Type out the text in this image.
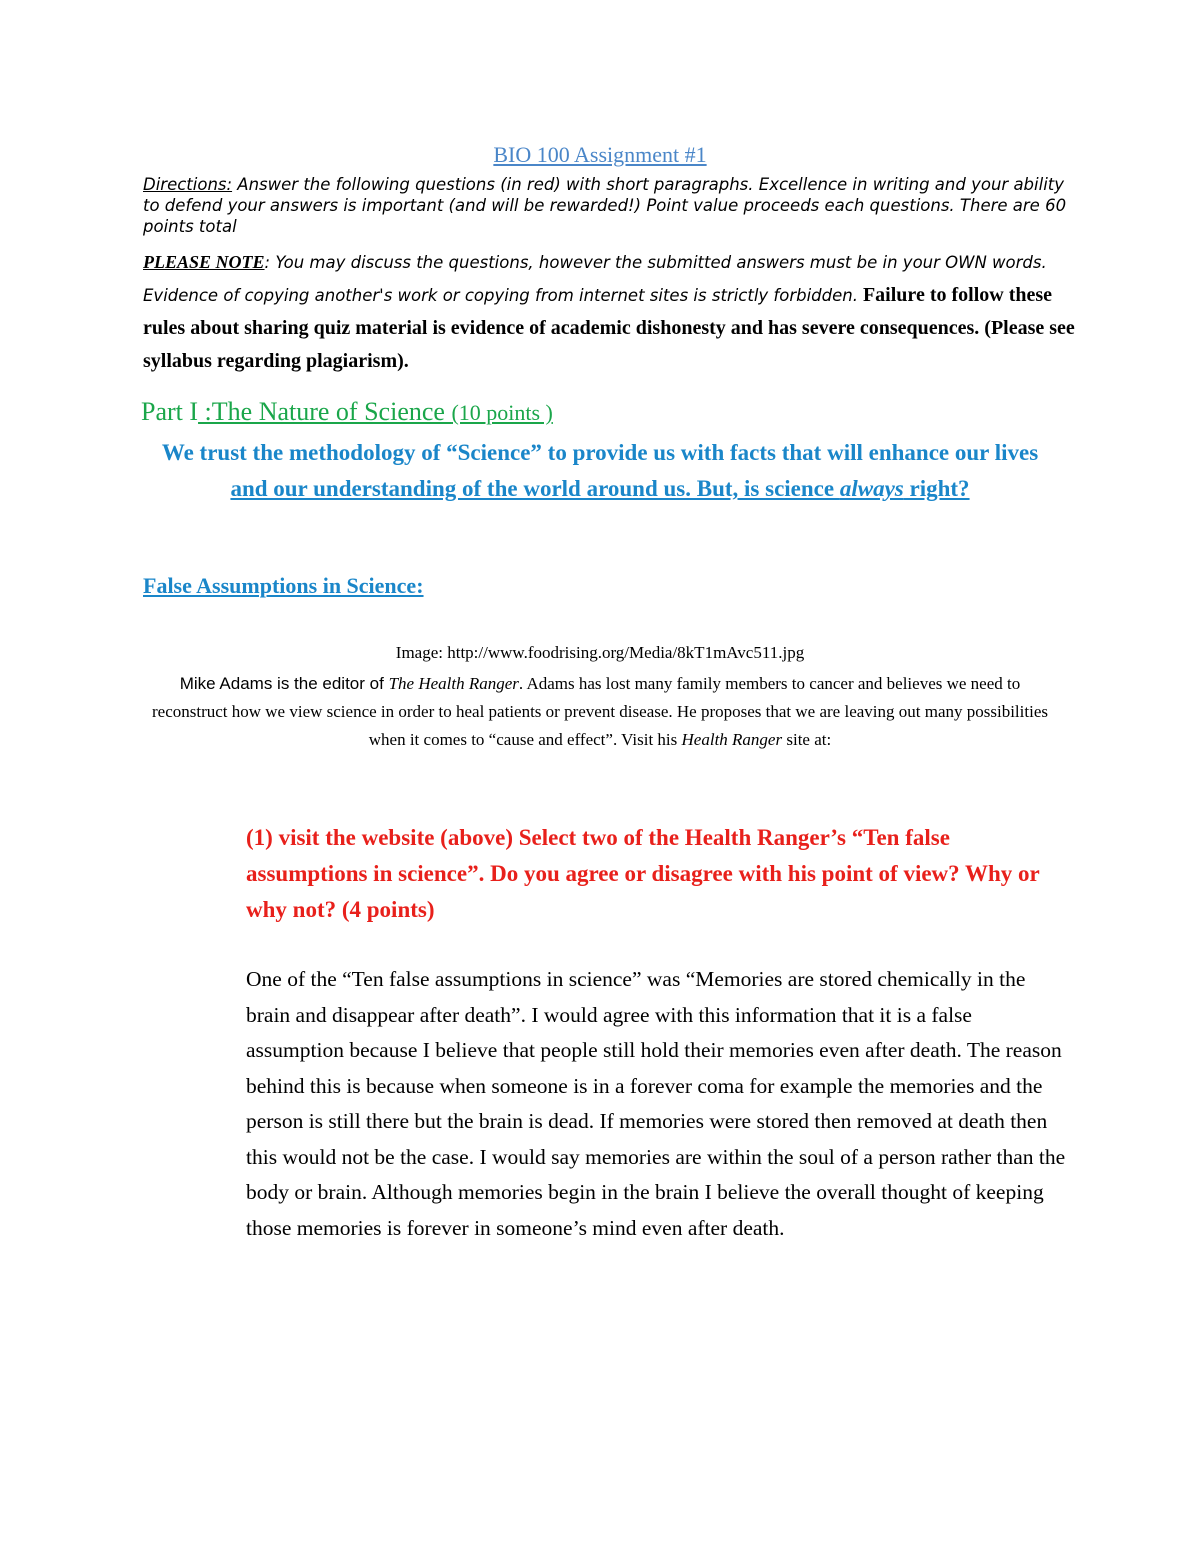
BIO 100 Assignment #1

Directions: Answer the following questions (in red) with short paragraphs. Excellence in writing and your ability to defend your answers is important (and will be rewarded!) Point value proceeds each questions. There are 60 points total

PLEASE NOTE: You may discuss the questions, however the submitted answers must be in your OWN words. Evidence of copying another's work or copying from internet sites is strictly forbidden. Failure to follow these rules about sharing quiz material is evidence of academic dishonesty and has severe consequences. (Please see syllabus regarding plagiarism).

Part I :The Nature of Science (10 points )

We trust the methodology of “Science” to provide us with facts that will enhance our lives and our understanding of the world around us. But, is science always right?

False Assumptions in Science:

Image: http://www.foodrising.org/Media/8kT1mAvc511.jpg

Mike Adams is the editor of The Health Ranger. Adams has lost many family members to cancer and believes we need to reconstruct how we view science in order to heal patients or prevent disease. He proposes that we are leaving out many possibilities when it comes to “cause and effect”. Visit his Health Ranger site at:

(1) visit the website (above) Select two of the Health Ranger’s “Ten false assumptions in science”. Do you agree or disagree with his point of view? Why or why not? (4 points)

One of the “Ten false assumptions in science” was “Memories are stored chemically in the brain and disappear after death”. I would agree with this information that it is a false assumption because I believe that people still hold their memories even after death. The reason behind this is because when someone is in a forever coma for example the memories and the person is still there but the brain is dead. If memories were stored then removed at death then this would not be the case. I would say memories are within the soul of a person rather than the body or brain. Although memories begin in the brain I believe the overall thought of keeping those memories is forever in someone’s mind even after death.
